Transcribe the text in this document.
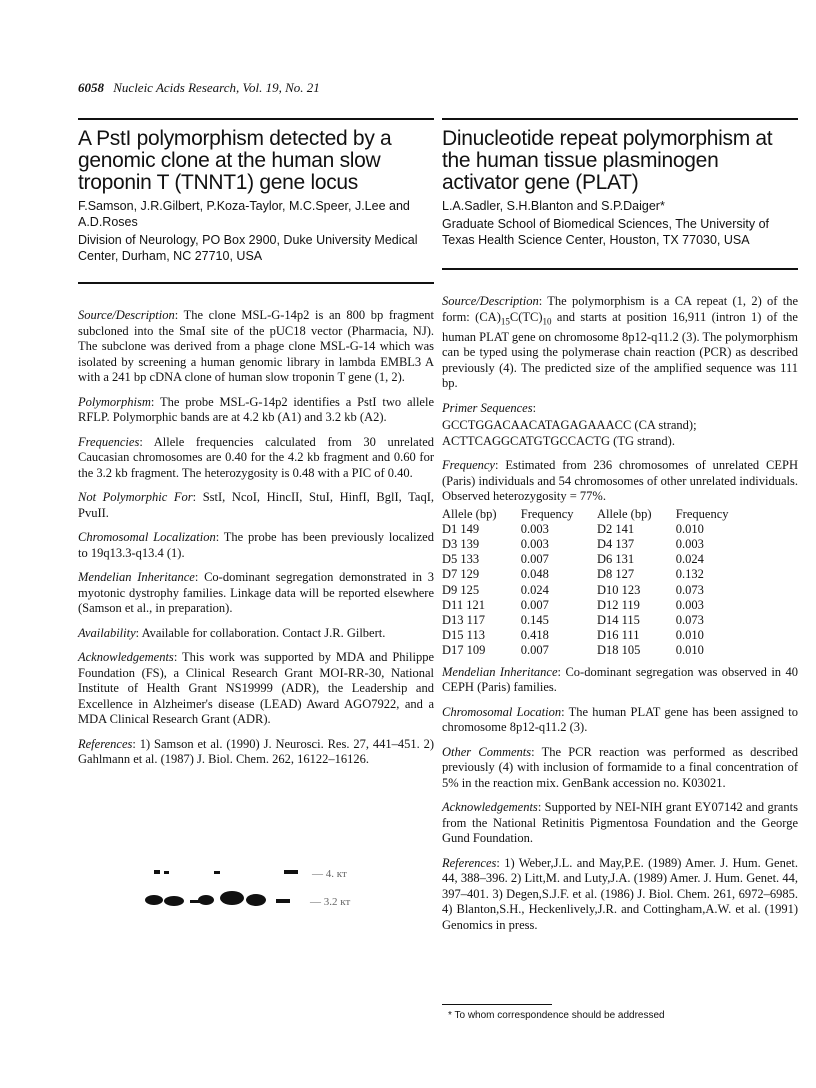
6058 Nucleic Acids Research, Vol. 19, No. 21
A PstI polymorphism detected by a genomic clone at the human slow troponin T (TNNT1) gene locus

F.Samson, J.R.Gilbert, P.Koza-Taylor, M.C.Speer, J.Lee and A.D.Roses

Division of Neurology, PO Box 2900, Duke University Medical Center, Durham, NC 27710, USA

Source/Description: The clone MSL-G-14p2 is an 800 bp fragment subcloned into the SmaI site of the pUC18 vector (Pharmacia, NJ). The subclone was derived from a phage clone MSL-G-14 which was isolated by screening a human genomic library in lambda EMBL3 A with a 241 bp cDNA clone of human slow troponin T gene (1, 2).

Polymorphism: The probe MSL-G-14p2 identifies a PstI two allele RFLP. Polymorphic bands are at 4.2 kb (A1) and 3.2 kb (A2).

Frequencies: Allele frequencies calculated from 30 unrelated Caucasian chromosomes are 0.40 for the 4.2 kb fragment and 0.60 for the 3.2 kb fragment. The heterozygosity is 0.48 with a PIC of 0.40.

Not Polymorphic For: SstI, NcoI, HincII, StuI, HinfI, BglI, TaqI, PvuII.

Chromosomal Localization: The probe has been previously localized to 19q13.3-q13.4 (1).

Mendelian Inheritance: Co-dominant segregation demonstrated in 3 myotonic dystrophy families. Linkage data will be reported elsewhere (Samson et al., in preparation).

Availability: Available for collaboration. Contact J.R. Gilbert.

Acknowledgements: This work was supported by MDA and Philippe Foundation (FS), a Clinical Research Grant MOI-RR-30, National Institute of Health Grant NS19999 (ADR), the Leadership and Excellence in Alzheimer's disease (LEAD) Award AGO7922, and a MDA Clinical Research Grant (ADR).

References: 1) Samson et al. (1990) J. Neurosci. Res. 27, 441–451. 2) Gahlmann et al. (1987) J. Biol. Chem. 262, 16122–16126.

— 4. кт
— 3.2 кт
Dinucleotide repeat polymorphism at the human tissue plasminogen activator gene (PLAT)

L.A.Sadler, S.H.Blanton and S.P.Daiger*

Graduate School of Biomedical Sciences, The University of Texas Health Science Center, Houston, TX 77030, USA

Source/Description: The polymorphism is a CA repeat (1, 2) of the form: $(CA)_{15}C(TC)_{10}$ and starts at position 16,911 (intron 1) of the human PLAT gene on chromosome 8p12-q11.2 (3). The polymorphism can be typed using the polymerase chain reaction (PCR) as described previously (4). The predicted size of the amplified sequence was 111 bp.

Primer Sequences:

GCCTGGACAACATAGAGAAACC (CA strand);

ACTTCAGGCATGTGCCACTG (TG strand).

Frequency: Estimated from 236 chromosomes of unrelated CEPH (Paris) individuals and 54 chromosomes of other unrelated individuals. Observed heterozygosity = 77%.

Allele (bp)	Frequency	Allele (bp)	Frequency
D1 149	0.003	D2 141	0.010
D3 139	0.003	D4 137	0.003
D5 133	0.007	D6 131	0.024
D7 129	0.048	D8 127	0.132
D9 125	0.024	D10 123	0.073
D11 121	0.007	D12 119	0.003
D13 117	0.145	D14 115	0.073
D15 113	0.418	D16 111	0.010
D17 109	0.007	D18 105	0.010

Mendelian Inheritance: Co-dominant segregation was observed in 40 CEPH (Paris) families.

Chromosomal Location: The human PLAT gene has been assigned to chromosome 8p12-q11.2 (3).

Other Comments: The PCR reaction was performed as described previously (4) with inclusion of formamide to a final concentration of 5% in the reaction mix. GenBank accession no. K03021.

Acknowledgements: Supported by NEI-NIH grant EY07142 and grants from the National Retinitis Pigmentosa Foundation and the George Gund Foundation.

References: 1) Weber,J.L. and May,P.E. (1989) Amer. J. Hum. Genet. 44, 388–396. 2) Litt,M. and Luty,J.A. (1989) Amer. J. Hum. Genet. 44, 397–401. 3) Degen,S.J.F. et al. (1986) J. Biol. Chem. 261, 6972–6985. 4) Blanton,S.H., Heckenlively,J.R. and Cottingham,A.W. et al. (1991) Genomics in press.

* To whom correspondence should be addressed
